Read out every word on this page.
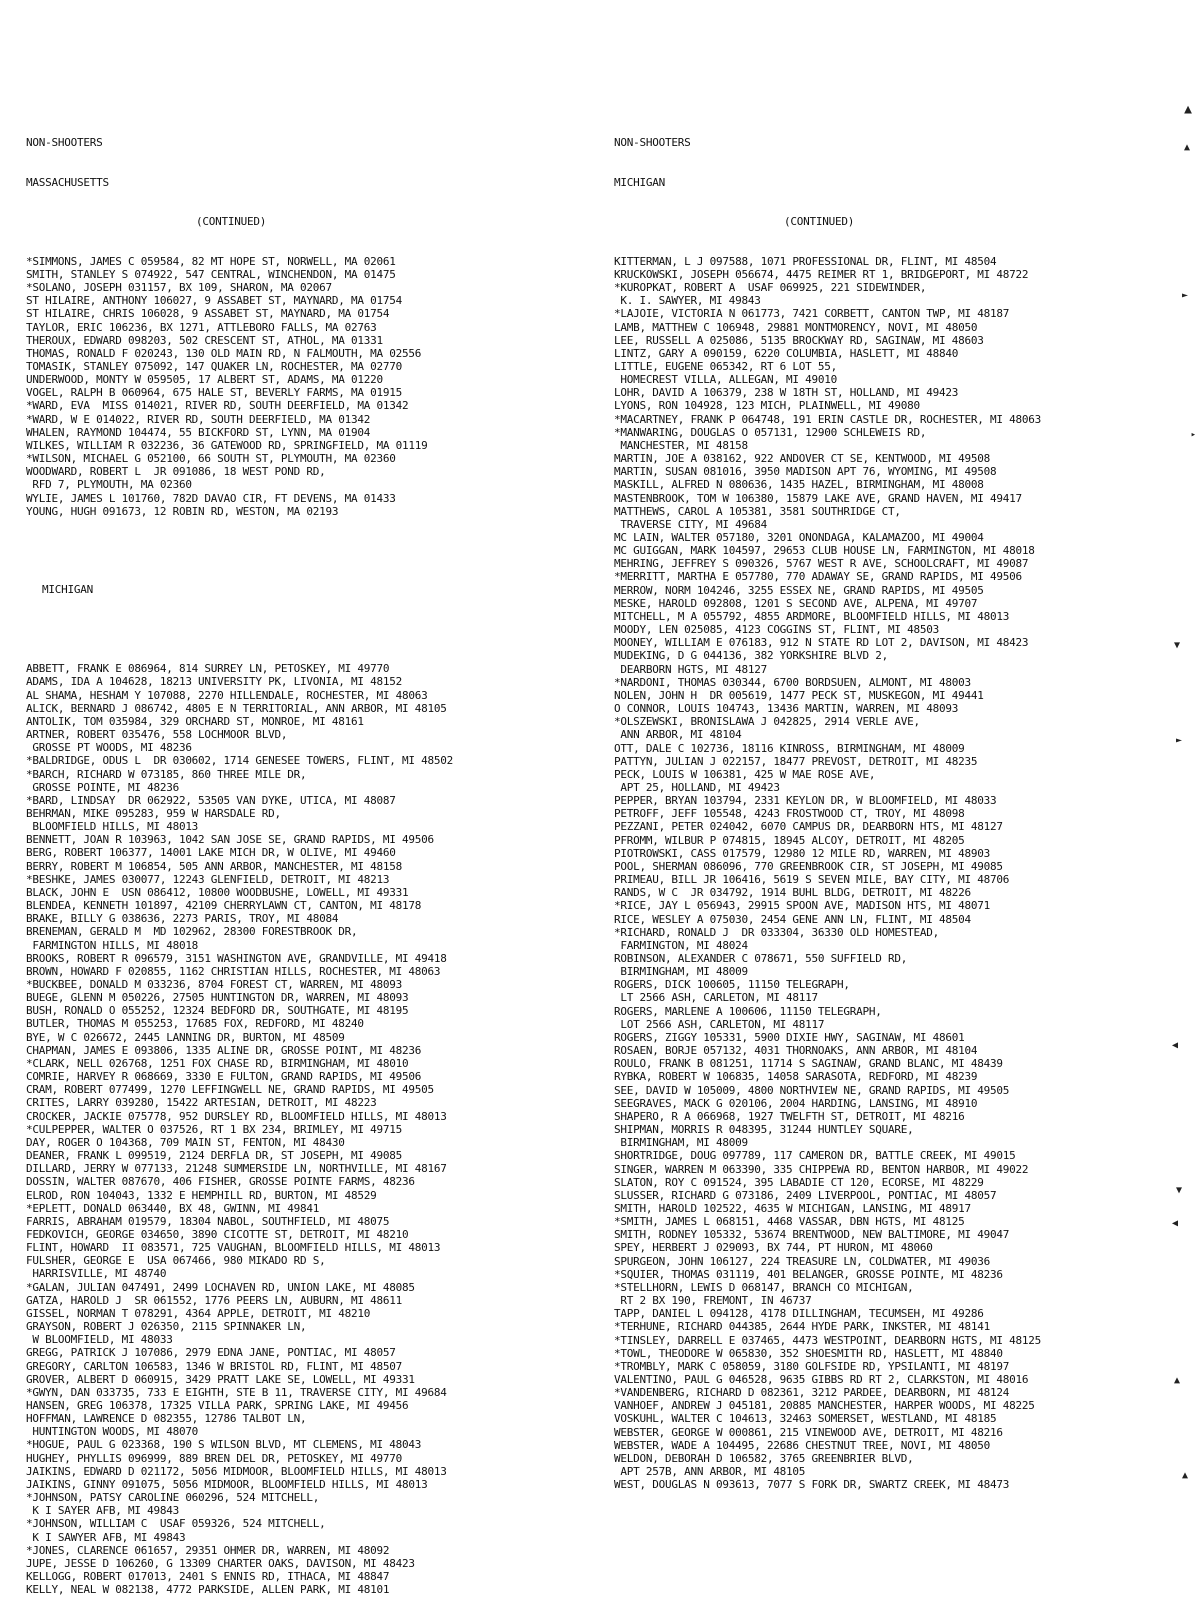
NON-SHOOTERS

MASSACHUSETTS

(CONTINUED)

*SIMMONS, JAMES C 059584, 82 MT HOPE ST, NORWELL, MA 02061
SMITH, STANLEY S 074922, 547 CENTRAL, WINCHENDON, MA 01475
*SOLANO, JOSEPH 031157, BX 109, SHARON, MA 02067
ST HILAIRE, ANTHONY 106027, 9 ASSABET ST, MAYNARD, MA 01754
ST HILAIRE, CHRIS 106028, 9 ASSABET ST, MAYNARD, MA 01754
TAYLOR, ERIC 106236, BX 1271, ATTLEBORO FALLS, MA 02763
THEROUX, EDWARD 098203, 502 CRESCENT ST, ATHOL, MA 01331
THOMAS, RONALD F 020243, 130 OLD MAIN RD, N FALMOUTH, MA 02556
TOMASIK, STANLEY 075092, 147 QUAKER LN, ROCHESTER, MA 02770
UNDERWOOD, MONTY W 059505, 17 ALBERT ST, ADAMS, MA 01220
VOGEL, RALPH B 060964, 675 HALE ST, BEVERLY FARMS, MA 01915
*WARD, EVA  MISS 014021, RIVER RD, SOUTH DEERFIELD, MA 01342
*WARD, W E 014022, RIVER RD, SOUTH DEERFIELD, MA 01342
WHALEN, RAYMOND 104474, 55 BICKFORD ST, LYNN, MA 01904
WILKES, WILLIAM R 032236, 36 GATEWOOD RD, SPRINGFIELD, MA 01119
*WILSON, MICHAEL G 052100, 66 SOUTH ST, PLYMOUTH, MA 02360
WOODWARD, ROBERT L  JR 091086, 18 WEST POND RD,
RFD 7, PLYMOUTH, MA 02360
WYLIE, JAMES L 101760, 782D DAVAO CIR, FT DEVENS, MA 01433
YOUNG, HUGH 091673, 12 ROBIN RD, WESTON, MA 02193

MICHIGAN

ABBETT, FRANK E 086964, 814 SURREY LN, PETOSKEY, MI 49770
ADAMS, IDA A 104628, 18213 UNIVERSITY PK, LIVONIA, MI 48152
AL SHAMA, HESHAM Y 107088, 2270 HILLENDALE, ROCHESTER, MI 48063
ALICK, BERNARD J 086742, 4805 E N TERRITORIAL, ANN ARBOR, MI 48105
ANTOLIK, TOM 035984, 329 ORCHARD ST, MONROE, MI 48161
ARTNER, ROBERT 035476, 558 LOCHMOOR BLVD,
GROSSE PT WOODS, MI 48236
*BALDRIDGE, ODUS L  DR 030602, 1714 GENESEE TOWERS, FLINT, MI 48502
*BARCH, RICHARD W 073185, 860 THREE MILE DR,
GROSSE POINTE, MI 48236
*BARD, LINDSAY  DR 062922, 53505 VAN DYKE, UTICA, MI 48087
BEHRMAN, MIKE 095283, 959 W HARSDALE RD,
BLOOMFIELD HILLS, MI 48013
BENNETT, JOAN R 103963, 1042 SAN JOSE SE, GRAND RAPIDS, MI 49506
BERG, ROBERT 106377, 14001 LAKE MICH DR, W OLIVE, MI 49460
BERRY, ROBERT M 106854, 505 ANN ARBOR, MANCHESTER, MI 48158
*BESHKE, JAMES 030077, 12243 GLENFIELD, DETROIT, MI 48213
BLACK, JOHN E  USN 086412, 10800 WOODBUSHE, LOWELL, MI 49331
BLENDEA, KENNETH 101897, 42109 CHERRYLAWN CT, CANTON, MI 48178
BRAKE, BILLY G 038636, 2273 PARIS, TROY, MI 48084
BRENEMAN, GERALD M  MD 102962, 28300 FORESTBROOK DR,
FARMINGTON HILLS, MI 48018
BROOKS, ROBERT R 096579, 3151 WASHINGTON AVE, GRANDVILLE, MI 49418
BROWN, HOWARD F 020855, 1162 CHRISTIAN HILLS, ROCHESTER, MI 48063
*BUCKBEE, DONALD M 033236, 8704 FOREST CT, WARREN, MI 48093
BUEGE, GLENN M 050226, 27505 HUNTINGTON DR, WARREN, MI 48093
BUSH, RONALD O 055252, 12324 BEDFORD DR, SOUTHGATE, MI 48195
BUTLER, THOMAS M 055253, 17685 FOX, REDFORD, MI 48240
BYE, W C 026672, 2445 LANNING DR, BURTON, MI 48509
CHAPMAN, JAMES E 093806, 1335 ALINE DR, GROSSE POINT, MI 48236
*CLARK, NELL 026768, 1251 FOX CHASE RD, BIRMINGHAM, MI 48010
COMRIE, HARVEY R 068669, 3330 E FULTON, GRAND RAPIDS, MI 49506
CRAM, ROBERT 077499, 1270 LEFFINGWELL NE, GRAND RAPIDS, MI 49505
CRITES, LARRY 039280, 15422 ARTESIAN, DETROIT, MI 48223
CROCKER, JACKIE 075778, 952 DURSLEY RD, BLOOMFIELD HILLS, MI 48013
*CULPEPPER, WALTER O 037526, RT 1 BX 234, BRIMLEY, MI 49715
DAY, ROGER O 104368, 709 MAIN ST, FENTON, MI 48430
DEANER, FRANK L 099519, 2124 DERFLA DR, ST JOSEPH, MI 49085
DILLARD, JERRY W 077133, 21248 SUMMERSIDE LN, NORTHVILLE, MI 48167
DOSSIN, WALTER 087670, 406 FISHER, GROSSE POINTE FARMS, 48236
ELROD, RON 104043, 1332 E HEMPHILL RD, BURTON, MI 48529
*EPLETT, DONALD 063440, BX 48, GWINN, MI 49841
FARRIS, ABRAHAM 019579, 18304 NABOL, SOUTHFIELD, MI 48075
FEDKOVICH, GEORGE 034650, 3890 CICOTTE ST, DETROIT, MI 48210
FLINT, HOWARD  II 083571, 725 VAUGHAN, BLOOMFIELD HILLS, MI 48013
FULSHER, GEORGE E  USA 067466, 980 MIKADO RD S,
HARRISVILLE, MI 48740
*GALAN, JULIAN 047491, 2499 LOCHAVEN RD, UNION LAKE, MI 48085
GATZA, HAROLD J  SR 061552, 1776 PEERS LN, AUBURN, MI 48611
GISSEL, NORMAN T 078291, 4364 APPLE, DETROIT, MI 48210
GRAYSON, ROBERT J 026350, 2115 SPINNAKER LN,
W BLOOMFIELD, MI 48033
GREGG, PATRICK J 107086, 2979 EDNA JANE, PONTIAC, MI 48057
GREGORY, CARLTON 106583, 1346 W BRISTOL RD, FLINT, MI 48507
GROVER, ALBERT D 060915, 3429 PRATT LAKE SE, LOWELL, MI 49331
*GWYN, DAN 033735, 733 E EIGHTH, STE B 11, TRAVERSE CITY, MI 49684
HANSEN, GREG 106378, 17325 VILLA PARK, SPRING LAKE, MI 49456
HOFFMAN, LAWRENCE D 082355, 12786 TALBOT LN,
HUNTINGTON WOODS, MI 48070
*HOGUE, PAUL G 023368, 190 S WILSON BLVD, MT CLEMENS, MI 48043
HUGHEY, PHYLLIS 096999, 889 BREN DEL DR, PETOSKEY, MI 49770
JAIKINS, EDWARD D 021172, 5056 MIDMOOR, BLOOMFIELD HILLS, MI 48013
JAIKINS, GINNY 091075, 5056 MIDMOOR, BLOOMFIELD HILLS, MI 48013
*JOHNSON, PATSY CAROLINE 060296, 524 MITCHELL,
K I SAYER AFB, MI 49843
*JOHNSON, WILLIAM C  USAF 059326, 524 MITCHELL,
K I SAWYER AFB, MI 49843
*JONES, CLARENCE 061657, 29351 OHMER DR, WARREN, MI 48092
JUPE, JESSE D 106260, G 13309 CHARTER OAKS, DAVISON, MI 48423
KELLOGG, ROBERT 017013, 2401 S ENNIS RD, ITHACA, MI 48847
KELLY, NEAL W 082138, 4772 PARKSIDE, ALLEN PARK, MI 48101

NON-SHOOTERS

MICHIGAN

(CONTINUED)

KITTERMAN, L J 097588, 1071 PROFESSIONAL DR, FLINT, MI 48504
KRUCKOWSKI, JOSEPH 056674, 4475 REIMER RT 1, BRIDGEPORT, MI 48722
*KUROPKAT, ROBERT A  USAF 069925, 221 SIDEWINDER,
K. I. SAWYER, MI 49843
*LAJOIE, VICTORIA N 061773, 7421 CORBETT, CANTON TWP, MI 48187
LAMB, MATTHEW C 106948, 29881 MONTMORENCY, NOVI, MI 48050
LEE, RUSSELL A 025086, 5135 BROCKWAY RD, SAGINAW, MI 48603
LINTZ, GARY A 090159, 6220 COLUMBIA, HASLETT, MI 48840
LITTLE, EUGENE 065342, RT 6 LOT 55,
HOMECREST VILLA, ALLEGAN, MI 49010
LOHR, DAVID A 106379, 238 W 18TH ST, HOLLAND, MI 49423
LYONS, RON 104928, 123 MICH, PLAINWELL, MI 49080
*MACARTNEY, FRANK P 064748, 191 ERIN CASTLE DR, ROCHESTER, MI 48063
*MANWARING, DOUGLAS O 057131, 12900 SCHLEWEIS RD,
MANCHESTER, MI 48158
MARTIN, JOE A 038162, 922 ANDOVER CT SE, KENTWOOD, MI 49508
MARTIN, SUSAN 081016, 3950 MADISON APT 76, WYOMING, MI 49508
MASKILL, ALFRED N 080636, 1435 HAZEL, BIRMINGHAM, MI 48008
MASTENBROOK, TOM W 106380, 15879 LAKE AVE, GRAND HAVEN, MI 49417
MATTHEWS, CAROL A 105381, 3581 SOUTHRIDGE CT,
TRAVERSE CITY, MI 49684
MC LAIN, WALTER 057180, 3201 ONONDAGA, KALAMAZOO, MI 49004
MC GUIGGAN, MARK 104597, 29653 CLUB HOUSE LN, FARMINGTON, MI 48018
MEHRING, JEFFREY S 090326, 5767 WEST R AVE, SCHOOLCRAFT, MI 49087
*MERRITT, MARTHA E 057780, 770 ADAWAY SE, GRAND RAPIDS, MI 49506
MERROW, NORM 104246, 3255 ESSEX NE, GRAND RAPIDS, MI 49505
MESKE, HAROLD 092808, 1201 S SECOND AVE, ALPENA, MI 49707
MITCHELL, M A 055792, 4855 ARDMORE, BLOOMFIELD HILLS, MI 48013
MOODY, LEN 025085, 4123 COGGINS ST, FLINT, MI 48503
MOONEY, WILLIAM E 076183, 912 N STATE RD LOT 2, DAVISON, MI 48423
MUDEKING, D G 044136, 382 YORKSHIRE BLVD 2,
DEARBORN HGTS, MI 48127
*NARDONI, THOMAS 030344, 6700 BORDSUEN, ALMONT, MI 48003
NOLEN, JOHN H  DR 005619, 1477 PECK ST, MUSKEGON, MI 49441
O CONNOR, LOUIS 104743, 13436 MARTIN, WARREN, MI 48093
*OLSZEWSKI, BRONISLAWA J 042825, 2914 VERLE AVE,
ANN ARBOR, MI 48104
OTT, DALE C 102736, 18116 KINROSS, BIRMINGHAM, MI 48009
PATTYN, JULIAN J 022157, 18477 PREVOST, DETROIT, MI 48235
PECK, LOUIS W 106381, 425 W MAE ROSE AVE,
APT 25, HOLLAND, MI 49423
PEPPER, BRYAN 103794, 2331 KEYLON DR, W BLOOMFIELD, MI 48033
PETROFF, JEFF 105548, 4243 FROSTWOOD CT, TROY, MI 48098
PEZZANI, PETER 024042, 6070 CAMPUS DR, DEARBORN HTS, MI 48127
PFROMM, WILBUR P 074815, 18945 ALCOY, DETROIT, MI 48205
PIOTROWSKI, CASS 017579, 12980 12 MILE RD, WARREN, MI 48903
POOL, SHERMAN 086096, 770 GREENBROOK CIR, ST JOSEPH, MI 49085
PRIMEAU, BILL JR 106416, 5619 S SEVEN MILE, BAY CITY, MI 48706
RANDS, W C  JR 034792, 1914 BUHL BLDG, DETROIT, MI 48226
*RICE, JAY L 056943, 29915 SPOON AVE, MADISON HTS, MI 48071
RICE, WESLEY A 075030, 2454 GENE ANN LN, FLINT, MI 48504
*RICHARD, RONALD J  DR 033304, 36330 OLD HOMESTEAD,
FARMINGTON, MI 48024
ROBINSON, ALEXANDER C 078671, 550 SUFFIELD RD,
BIRMINGHAM, MI 48009
ROGERS, DICK 100605, 11150 TELEGRAPH,
LT 2566 ASH, CARLETON, MI 48117
ROGERS, MARLENE A 100606, 11150 TELEGRAPH,
LOT 2566 ASH, CARLETON, MI 48117
ROGERS, ZIGGY 105331, 5900 DIXIE HWY, SAGINAW, MI 48601
ROSAEN, BORJE 057132, 4031 THORNOAKS, ANN ARBOR, MI 48104
ROULO, FRANK B 081251, 11714 S SAGINAW, GRAND BLANC, MI 48439
RYBKA, ROBERT W 106835, 14058 SARASOTA, REDFORD, MI 48239
SEE, DAVID W 105009, 4800 NORTHVIEW NE, GRAND RAPIDS, MI 49505
SEEGRAVES, MACK G 020106, 2004 HARDING, LANSING, MI 48910
SHAPERO, R A 066968, 1927 TWELFTH ST, DETROIT, MI 48216
SHIPMAN, MORRIS R 048395, 31244 HUNTLEY SQUARE,
BIRMINGHAM, MI 48009
SHORTRIDGE, DOUG 097789, 117 CAMERON DR, BATTLE CREEK, MI 49015
SINGER, WARREN M 063390, 335 CHIPPEWA RD, BENTON HARBOR, MI 49022
SLATON, ROY C 091524, 395 LABADIE CT 120, ECORSE, MI 48229
SLUSSER, RICHARD G 073186, 2409 LIVERPOOL, PONTIAC, MI 48057
SMITH, HAROLD 102522, 4635 W MICHIGAN, LANSING, MI 48917
*SMITH, JAMES L 068151, 4468 VASSAR, DBN HGTS, MI 48125
SMITH, RODNEY 105332, 53674 BRENTWOOD, NEW BALTIMORE, MI 49047
SPEY, HERBERT J 029093, BX 744, PT HURON, MI 48060
SPURGEON, JOHN 106127, 224 TREASURE LN, COLDWATER, MI 49036
*SQUIER, THOMAS 031119, 401 BELANGER, GROSSE POINTE, MI 48236
*STELLHORN, LEWIS D 068147, BRANCH CO MICHIGAN,
RT 2 BX 190, FREMONT, IN 46737
TAPP, DANIEL L 094128, 4178 DILLINGHAM, TECUMSEH, MI 49286
*TERHUNE, RICHARD 044385, 2644 HYDE PARK, INKSTER, MI 48141
*TINSLEY, DARRELL E 037465, 4473 WESTPOINT, DEARBORN HGTS, MI 48125
*TOWL, THEODORE W 065830, 352 SHOESMITH RD, HASLETT, MI 48840
*TROMBLY, MARK C 058059, 3180 GOLFSIDE RD, YPSILANTI, MI 48197
VALENTINO, PAUL G 046528, 9635 GIBBS RD RT 2, CLARKSTON, MI 48016
*VANDENBERG, RICHARD D 082361, 3212 PARDEE, DEARBORN, MI 48124
VANHOEF, ANDREW J 045181, 20885 MANCHESTER, HARPER WOODS, MI 48225
VOSKUHL, WALTER C 104613, 32463 SOMERSET, WESTLAND, MI 48185
WEBSTER, GEORGE W 000861, 215 VINEWOOD AVE, DETROIT, MI 48216
WEBSTER, WADE A 104495, 22686 CHESTNUT TREE, NOVI, MI 48050
WELDON, DEBORAH D 106582, 3765 GREENBRIER BLVD,
APT 257B, ANN ARBOR, MI 48105
WEST, DOUGLAS N 093613, 7077 S FORK DR, SWARTZ CREEK, MI 48473

▲
▲
▸
►
▼
►
◀
▼
◀
▲
▲
